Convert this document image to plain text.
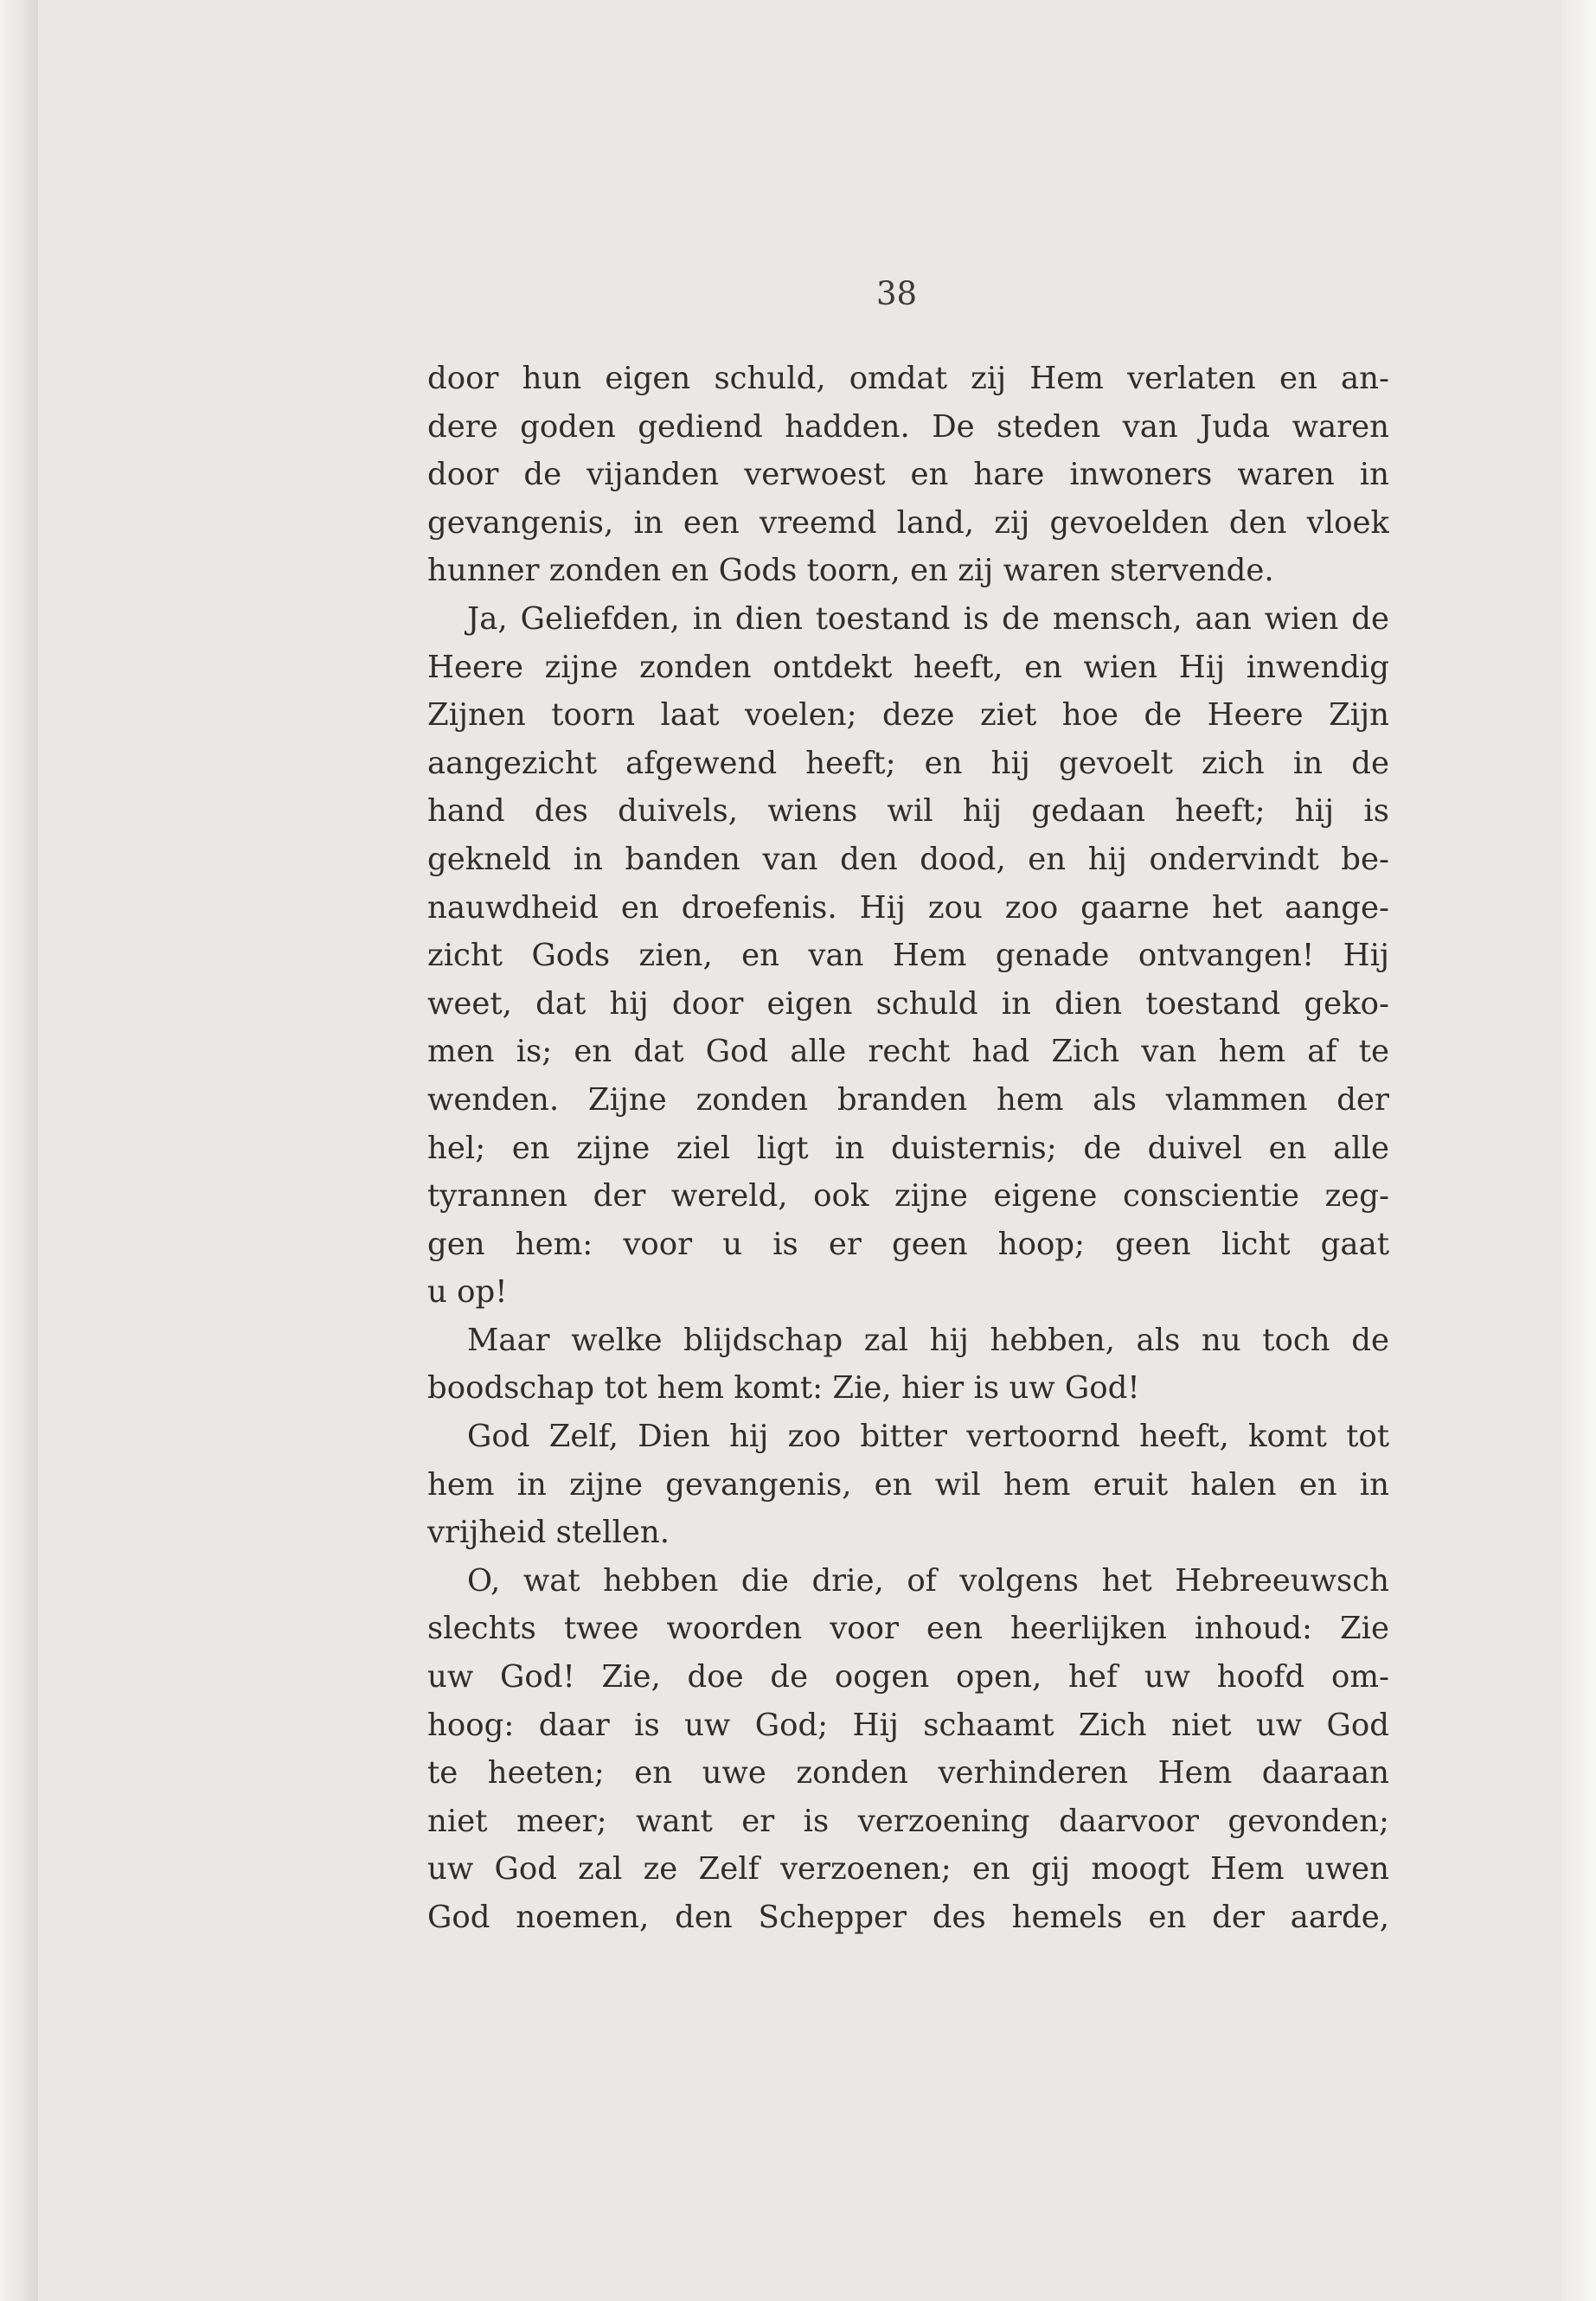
38
door hun eigen schuld, omdat zij Hem verlaten en an-
dere goden gediend hadden. De steden van Juda waren
door de vijanden verwoest en hare inwoners waren in
gevangenis, in een vreemd land, zij gevoelden den vloek
hunner zonden en Gods toorn, en zij waren stervende.
Ja, Geliefden, in dien toestand is de mensch, aan wien de
Heere zijne zonden ontdekt heeft, en wien Hij inwendig
Zijnen toorn laat voelen; deze ziet hoe de Heere Zijn
aangezicht afgewend heeft; en hij gevoelt zich in de
hand des duivels, wiens wil hij gedaan heeft; hij is
gekneld in banden van den dood, en hij ondervindt be-
nauwdheid en droefenis. Hij zou zoo gaarne het aange-
zicht Gods zien, en van Hem genade ontvangen! Hij
weet, dat hij door eigen schuld in dien toestand geko-
men is; en dat God alle recht had Zich van hem af te
wenden. Zijne zonden branden hem als vlammen der
hel; en zijne ziel ligt in duisternis; de duivel en alle
tyrannen der wereld, ook zijne eigene conscientie zeg-
gen hem: voor u is er geen hoop; geen licht gaat
u op!
Maar welke blijdschap zal hij hebben, als nu toch de
boodschap tot hem komt: Zie, hier is uw God!
God Zelf, Dien hij zoo bitter vertoornd heeft, komt tot
hem in zijne gevangenis, en wil hem eruit halen en in
vrijheid stellen.
O, wat hebben die drie, of volgens het Hebreeuwsch
slechts twee woorden voor een heerlijken inhoud: Zie
uw God! Zie, doe de oogen open, hef uw hoofd om-
hoog: daar is uw God; Hij schaamt Zich niet uw God
te heeten; en uwe zonden verhinderen Hem daaraan
niet meer; want er is verzoening daarvoor gevonden;
uw God zal ze Zelf verzoenen; en gij moogt Hem uwen
God noemen, den Schepper des hemels en der aarde,
